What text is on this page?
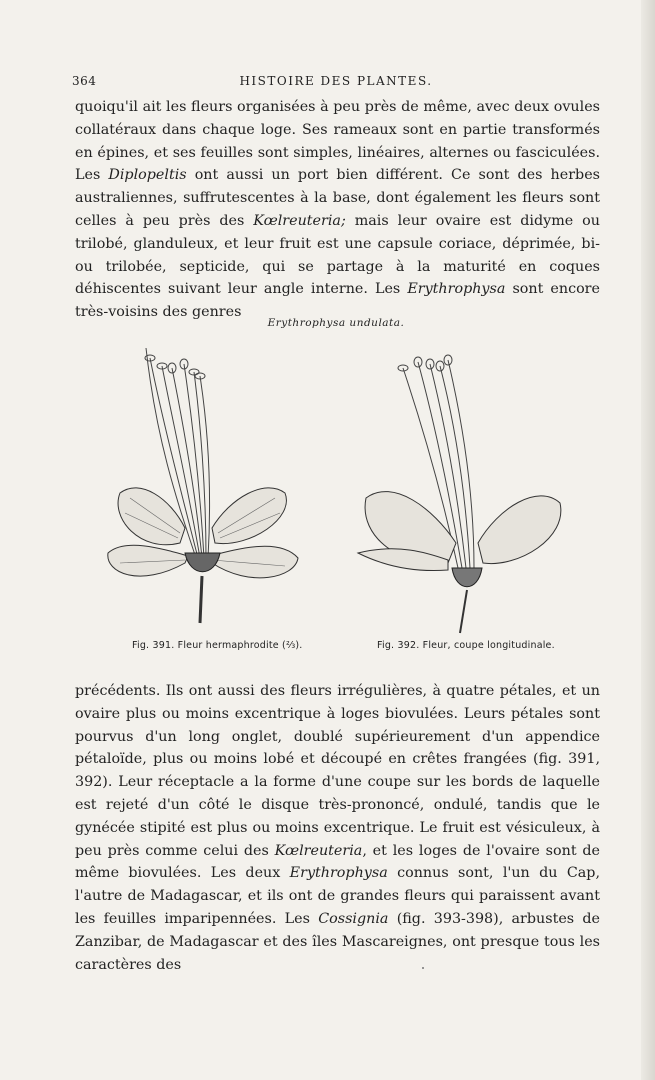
364	HISTOIRE DES PLANTES.

quoiqu'il ait les fleurs organisées à peu près de même, avec deux ovules collatéraux dans chaque loge. Ses rameaux sont en partie transformés en épines, et ses feuilles sont simples, linéaires, alternes ou fasciculées. Les Diplopeltis ont aussi un port bien différent. Ce sont des herbes australiennes, suffrutescentes à la base, dont également les fleurs sont celles à peu près des Kœlreuteria; mais leur ovaire est didyme ou trilobé, glanduleux, et leur fruit est une capsule coriace, déprimée, bi- ou trilobée, septicide, qui se partage à la maturité en coques déhiscentes suivant leur angle interne. Les Erythrophysa sont encore très-voisins des genres

Erythrophysa undulata.
Fig. 391. Fleur hermaphrodite (⅔).	Fig. 392. Fleur, coupe longitudinale.

précédents. Ils ont aussi des fleurs irrégulières, à quatre pétales, et un ovaire plus ou moins excentrique à loges biovulées. Leurs pétales sont pourvus d'un long onglet, doublé supérieurement d'un appendice pétaloïde, plus ou moins lobé et découpé en crêtes frangées (fig. 391, 392). Leur réceptacle a la forme d'une coupe sur les bords de laquelle est rejeté d'un côté le disque très-prononcé, ondulé, tandis que le gynécée stipité est plus ou moins excentrique. Le fruit est vésiculeux, à peu près comme celui des Kœlreuteria, et les loges de l'ovaire sont de même biovulées. Les deux Erythrophysa connus sont, l'un du Cap, l'autre de Madagascar, et ils ont de grandes fleurs qui paraissent avant les feuilles imparipennées. Les Cossignia (fig. 393-398), arbustes de Zanzibar, de Madagascar et des îles Mascareignes, ont presque tous les caractères des
